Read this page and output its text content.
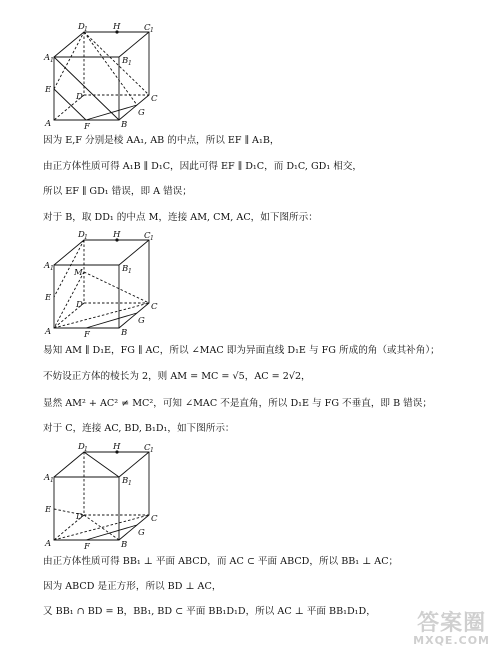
D 1	H	C 1
A 1	B 1
E
D	C
A	F	B
G
因为 E,F 分别是棱 AA₁, AB 的中点，所以 EF ∥ A₁B，
由正方体性质可得 A₁B ∥ D₁C，因此可得 EF ∥ D₁C，而 D₁C, GD₁ 相交，
所以 EF ∥ GD₁ 错误，即 A 错误；
对于 B，取 DD₁ 的中点 M，连接 AM, CM, AC，如下图所示：
D 1	H	C 1
A 1	B 1
M
E
D	C
A	F	B
G
易知 AM ∥ D₁E，FG ∥ AC，所以 ∠MAC 即为异面直线 D₁E 与 FG 所成的角（或其补角）；
不妨设正方体的棱长为 2，则 AM = MC = √5，AC = 2√2，
显然 AM² + AC² ≠ MC²，可知 ∠MAC 不是直角，所以 D₁E 与 FG 不垂直，即 B 错误；
对于 C，连接 AC, BD, B₁D₁，如下图所示：
D 1	H	C 1
A 1	B 1
E
D	C
A	F	B
G
由正方体性质可得 BB₁ ⊥ 平面 ABCD，而 AC ⊂ 平面 ABCD，所以 BB₁ ⊥ AC；
因为 ABCD 是正方形，所以 BD ⊥ AC，
又 BB₁ ∩ BD = B，BB₁, BD ⊂ 平面 BB₁D₁D，所以 AC ⊥ 平面 BB₁D₁D， 答案圈
MXQE.COM
